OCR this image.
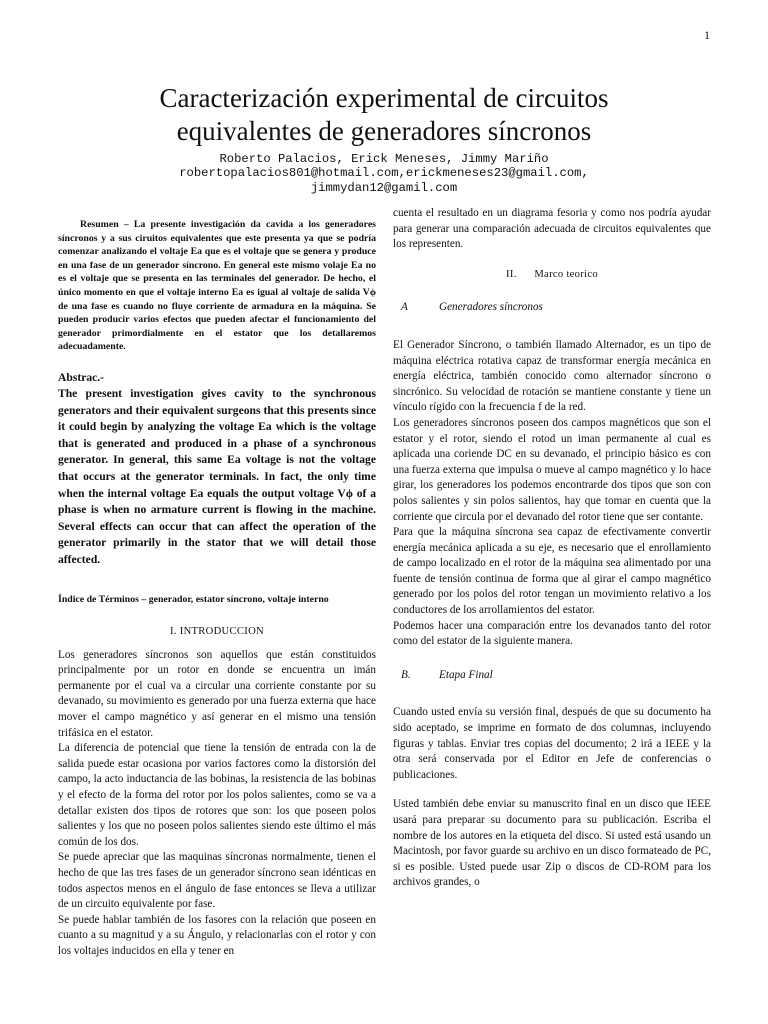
1
Caracterización experimental de circuitos
equivalentes de generadores síncronos

Roberto Palacios, Erick Meneses, Jimmy Mariño

robertopalacios801@hotmail.com,erickmeneses23@gmail.com,
jimmydan12@gamil.com

Resumen – La presente investigación da cavida a los generadores síncronos y a sus ciruitos equivalentes que este presenta ya que se podría comenzar analizando el voltaje Ea que es el voltaje que se genera y produce en una fase de un generador síncrono. En general este mismo volaje Ea no es el voltaje que se presenta en las terminales del generador. De hecho, el único momento en que el voltaje interno Ea es igual al voltaje de salida Vϕ de una fase es cuando no fluye corriente de armadura en la máquina. Se pueden producir varios efectos que pueden afectar el funcionamiento del generador primordialmente en el estator que los detallaremos adecuadamente.

Abstrac.-

The present investigation gives cavity to the synchronous generators and their equivalent surgeons that this presents since it could begin by analyzing the voltage Ea which is the voltage that is generated and produced in a phase of a synchronous generator. In general, this same Ea voltage is not the voltage that occurs at the generator terminals. In fact, the only time when the internal voltage Ea equals the output voltage Vϕ of a phase is when no armature current is flowing in the machine. Several effects can occur that can affect the operation of the generator primarily in the stator that we will detail those affected.

Índice de Términos – generador, estator síncrono, voltaje interno

I. INTRODUCCION

Los generadores síncronos son aquellos que están constituidos principalmente por un rotor en donde se encuentra un imán permanente por el cual va a circular una corriente constante por su devanado, su movimiento es generado por una fuerza externa que hace mover el campo magnético y así generar en el mismo una tensión trifásica en el estator.

La diferencia de potencial que tiene la tensión de entrada con la de salida puede estar ocasiona por varios factores como la distorsión del campo, la acto inductancia de las bobinas, la resistencia de las bobinas y el efecto de la forma del rotor por los polos salientes, como se va a detallar existen dos tipos de rotores que son: los que poseen polos salientes y los que no poseen polos salientes siendo este último el más común de los dos.

Se puede apreciar que las maquinas síncronas normalmente, tienen el hecho de que las tres fases de un generador síncrono sean idénticas en todos aspectos menos en el ángulo de fase entonces se lleva a utilizar de un circuito equivalente por fase.

Se puede hablar también de los fasores con la relación que poseen en cuanto a su magnitud y a su Ángulo, y relacionarlas con el rotor y con los voltajes inducidos en ella y tener en

cuenta el resultado en un diagrama fesoria y como nos podría ayudar para generar una comparación adecuada de circuitos equivalentes que los representen.

II.      Marco teorico
A	Generadores síncronos

El Generador Síncrono, o también llamado Alternador, es un tipo de máquina eléctrica rotativa capaz de transformar energía mecánica en energía eléctrica, también conocido como alternador síncrono o sincrónico. Su velocidad de rotación se mantiene constante y tiene un vínculo rígido con la frecuencia f de la red.

Los generadores síncronos poseen dos campos magnéticos que son el estator y el rotor, siendo el rotod un iman permanente al cual es aplicada una coriende DC en su devanado, el principio básico es con una fuerza externa que impulsa o mueve al campo magnético y lo hace girar, los generadores los podemos encontrarde dos tipos que son con polos salientes y sin polos salientos, hay que tomar en cuenta que la corriente que circula por el devanado del rotor tiene que ser contante.

Para que la máquina síncrona sea capaz de efectivamente convertir energía mecánica aplicada a su eje, es necesario que el enrollamiento de campo localizado en el rotor de la máquina sea alimentado por una fuente de tensión continua de forma que al girar el campo magnético generado por los polos del rotor tengan un movimiento relativo a los conductores de los arrollamientos del estator.

Podemos hacer una comparación entre los devanados tanto del rotor como del estator de la siguiente manera.

B.	Etapa Final

Cuando usted envía su versión final, después de que su documento ha sido aceptado, se imprime en formato de dos columnas, incluyendo figuras y tablas. Enviar tres copias del documento; 2 irá a IEEE y la otra será conservada por el Editor en Jefe de conferencias o publicaciones.

Usted también debe enviar su manuscrito final en un disco que IEEE usará para preparar su documento para su publicación. Escriba el nombre de los autores en la etiqueta del disco. Si usted está usando un Macintosh, por favor guarde su archivo en un disco formateado de PC, si es posible. Usted puede usar Zip o discos de CD-ROM para los archivos grandes, o
